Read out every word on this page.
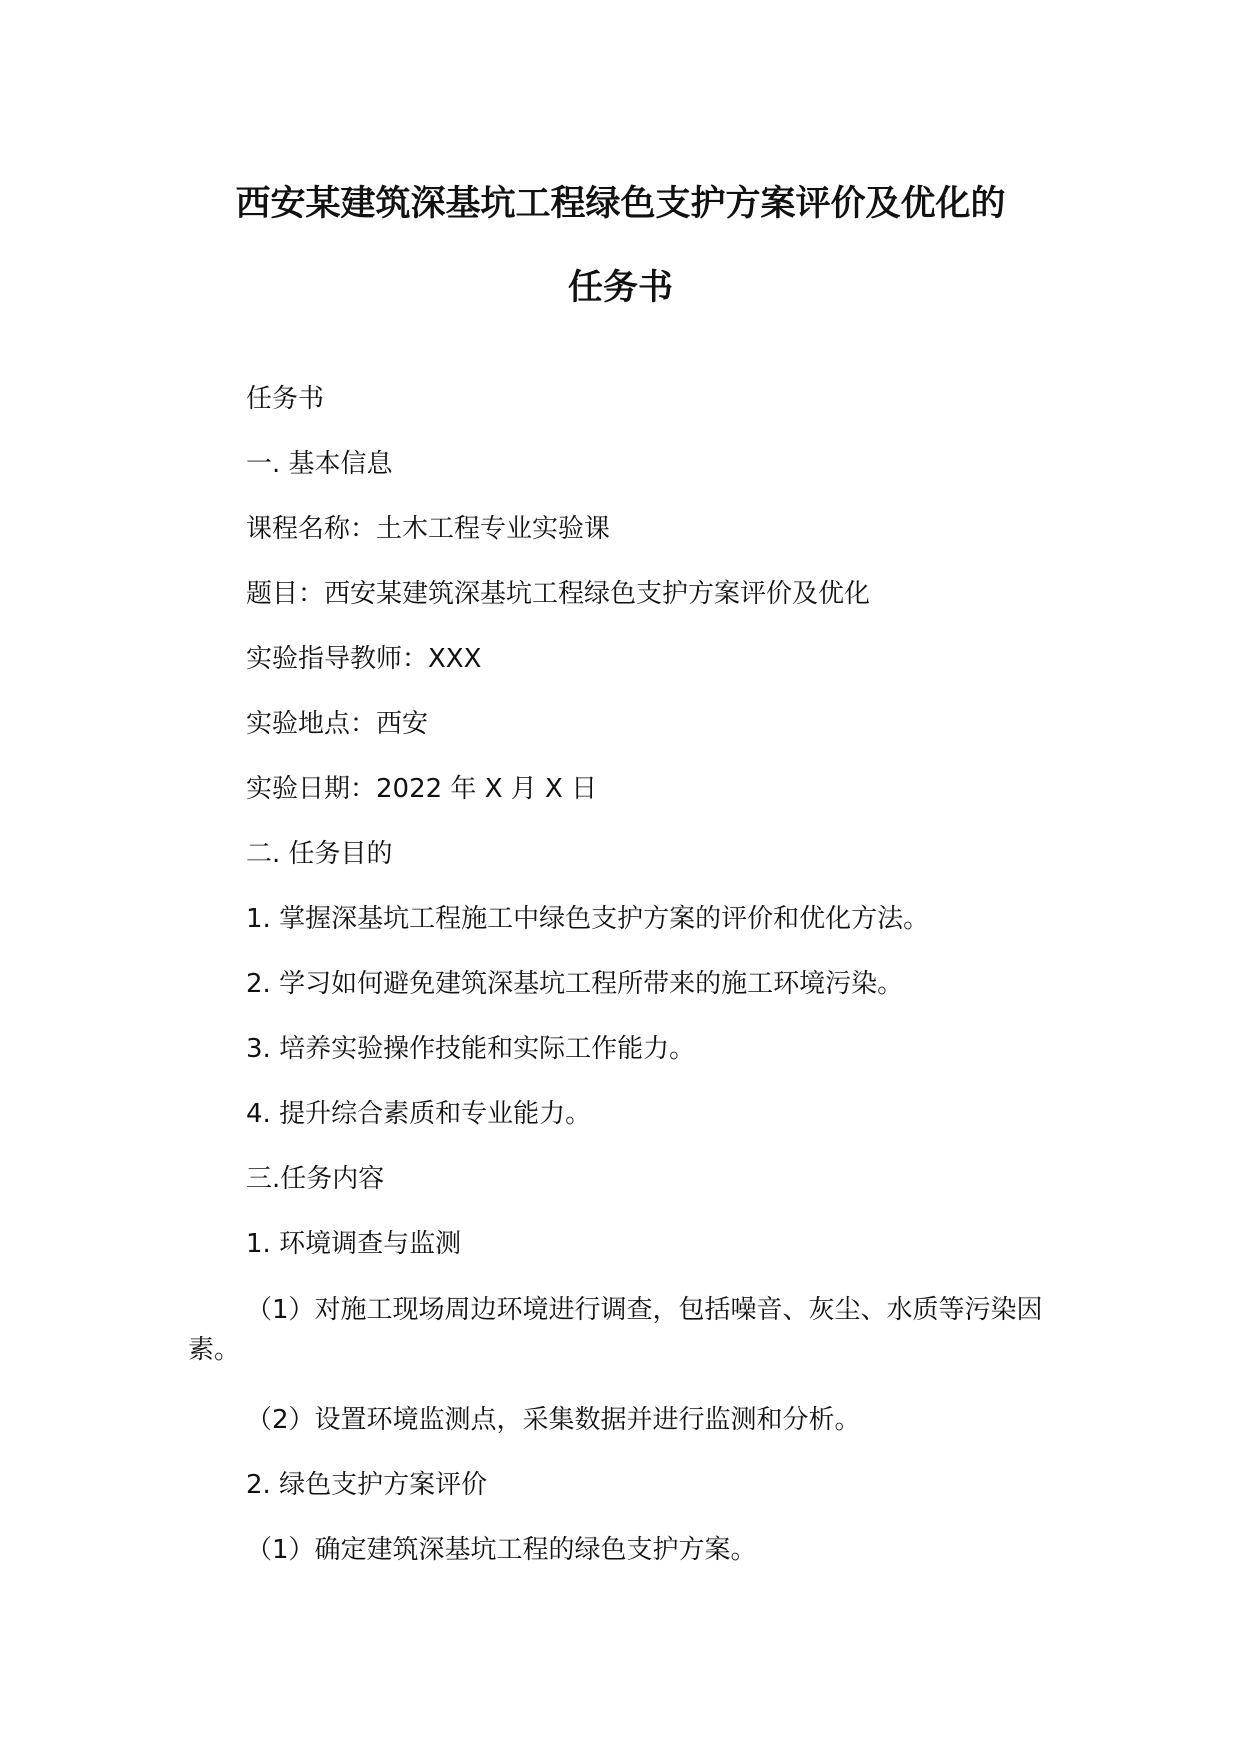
西安某建筑深基坑工程绿色支护方案评价及优化的
任务书

任务书

一. 基本信息

课程名称：土木工程专业实验课

题目：西安某建筑深基坑工程绿色支护方案评价及优化

实验指导教师：XXX

实验地点：西安

实验日期：2022 年 X 月 X 日

二. 任务目的

1. 掌握深基坑工程施工中绿色支护方案的评价和优化方法。

2. 学习如何避免建筑深基坑工程所带来的施工环境污染。

3. 培养实验操作技能和实际工作能力。

4. 提升综合素质和专业能力。

三.任务内容

1. 环境调查与监测

（1）对施工现场周边环境进行调查，包括噪音、灰尘、水质等污染因素。

（2）设置环境监测点，采集数据并进行监测和分析。

2. 绿色支护方案评价

（1）确定建筑深基坑工程的绿色支护方案。
